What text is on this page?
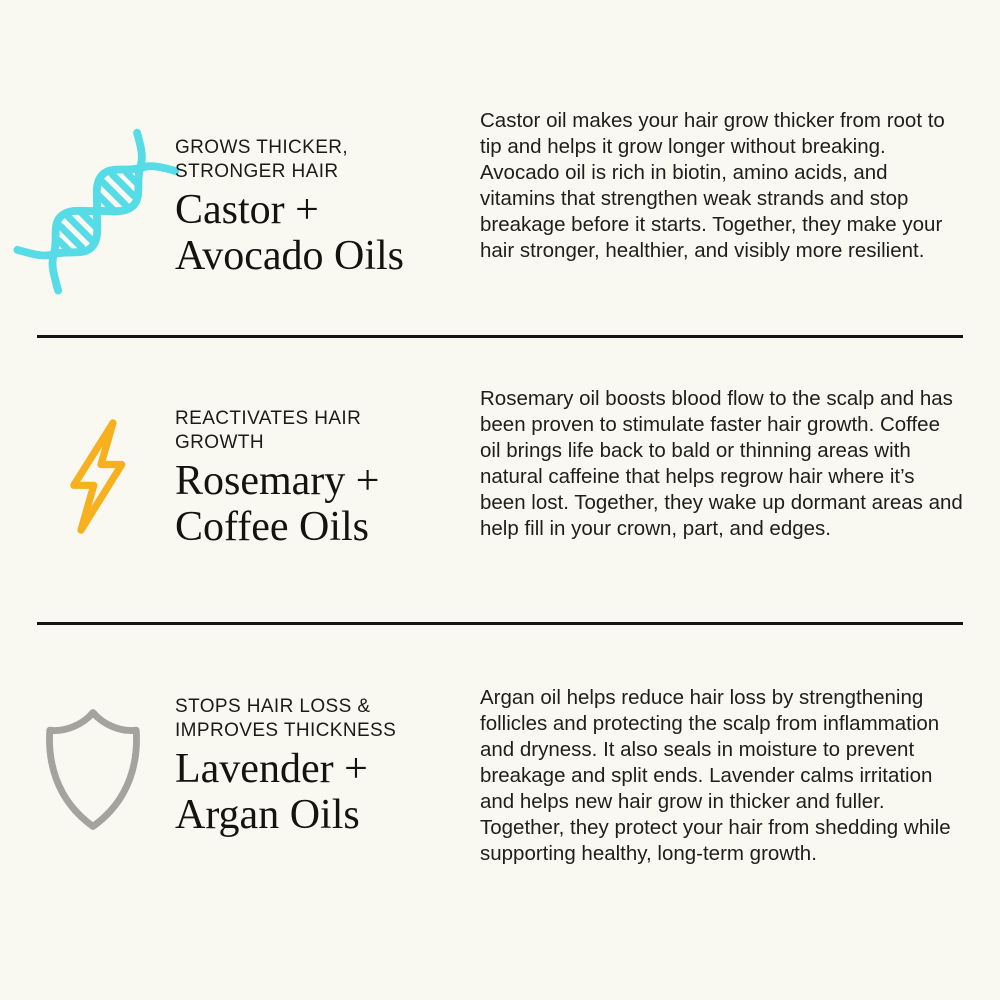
GROWS THICKER,
STRONGER HAIR
Castor +
Avocado Oils
Castor oil makes your hair grow thicker from root to tip and helps it grow longer without breaking. Avocado oil is rich in biotin, amino acids, and vitamins that strengthen weak strands and stop breakage before it starts. Together, they make your hair stronger, healthier, and visibly more resilient.
REACTIVATES HAIR
GROWTH
Rosemary +
Coffee Oils
Rosemary oil boosts blood flow to the scalp and has been proven to stimulate faster hair growth. Coffee oil brings life back to bald or thinning areas with natural caffeine that helps regrow hair where it’s been lost. Together, they wake up dormant areas and help fill in your crown, part, and edges.
STOPS HAIR LOSS &
IMPROVES THICKNESS
Lavender +
Argan Oils
Argan oil helps reduce hair loss by strengthening follicles and protecting the scalp from inflammation and dryness. It also seals in moisture to prevent breakage and split ends. Lavender calms irritation and helps new hair grow in thicker and fuller. Together, they protect your hair from shedding while supporting healthy, long-term growth.
